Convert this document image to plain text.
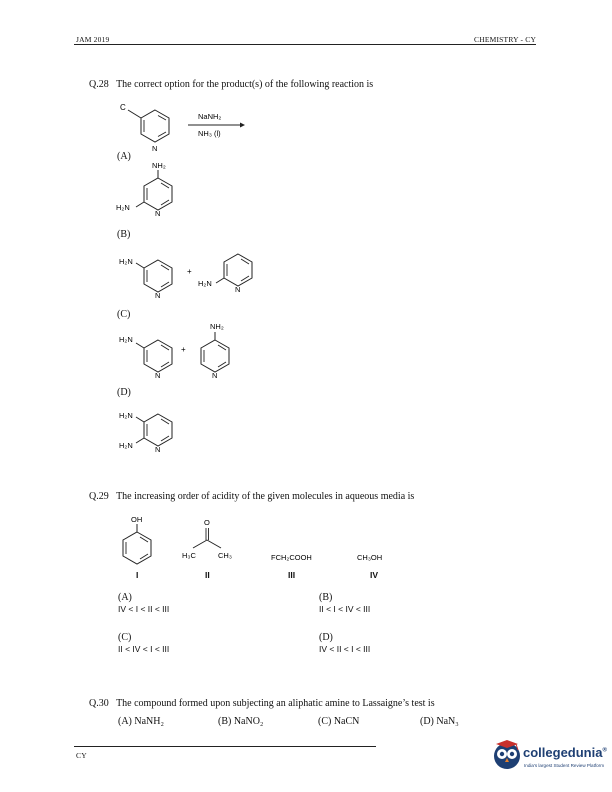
JAM 2019	CHEMISTRY - CY
Q.28 The correct option for the product(s) of the following reaction is
C
N
NaNH₂
NH₃ (l)
(A)
NH₂
H₂N
N
(B)
H₂N
N
+
H₂N
N
(C)
H₂N
N
+
NH₂
N
(D)
H₂N
H₂N	N
Q.29 The increasing order of acidity of the given molecules in aqueous media is
OH	O
H₃C	CH₃	FCH₂COOH	CH₃OH
I	II	III	IV
(A)
IV < I < II < III
(B)
II < I < IV < III
(C)
II < IV < I < III
(D)
IV < II < I < III
Q.30 The compound formed upon subjecting an aliphatic amine to Lassaigne’s test is
(A) NaNH₂	(B) NaNO₂	(C) NaCN	(D) NaN₃
CY	collegedunia®
India's largest Student Review Platform
